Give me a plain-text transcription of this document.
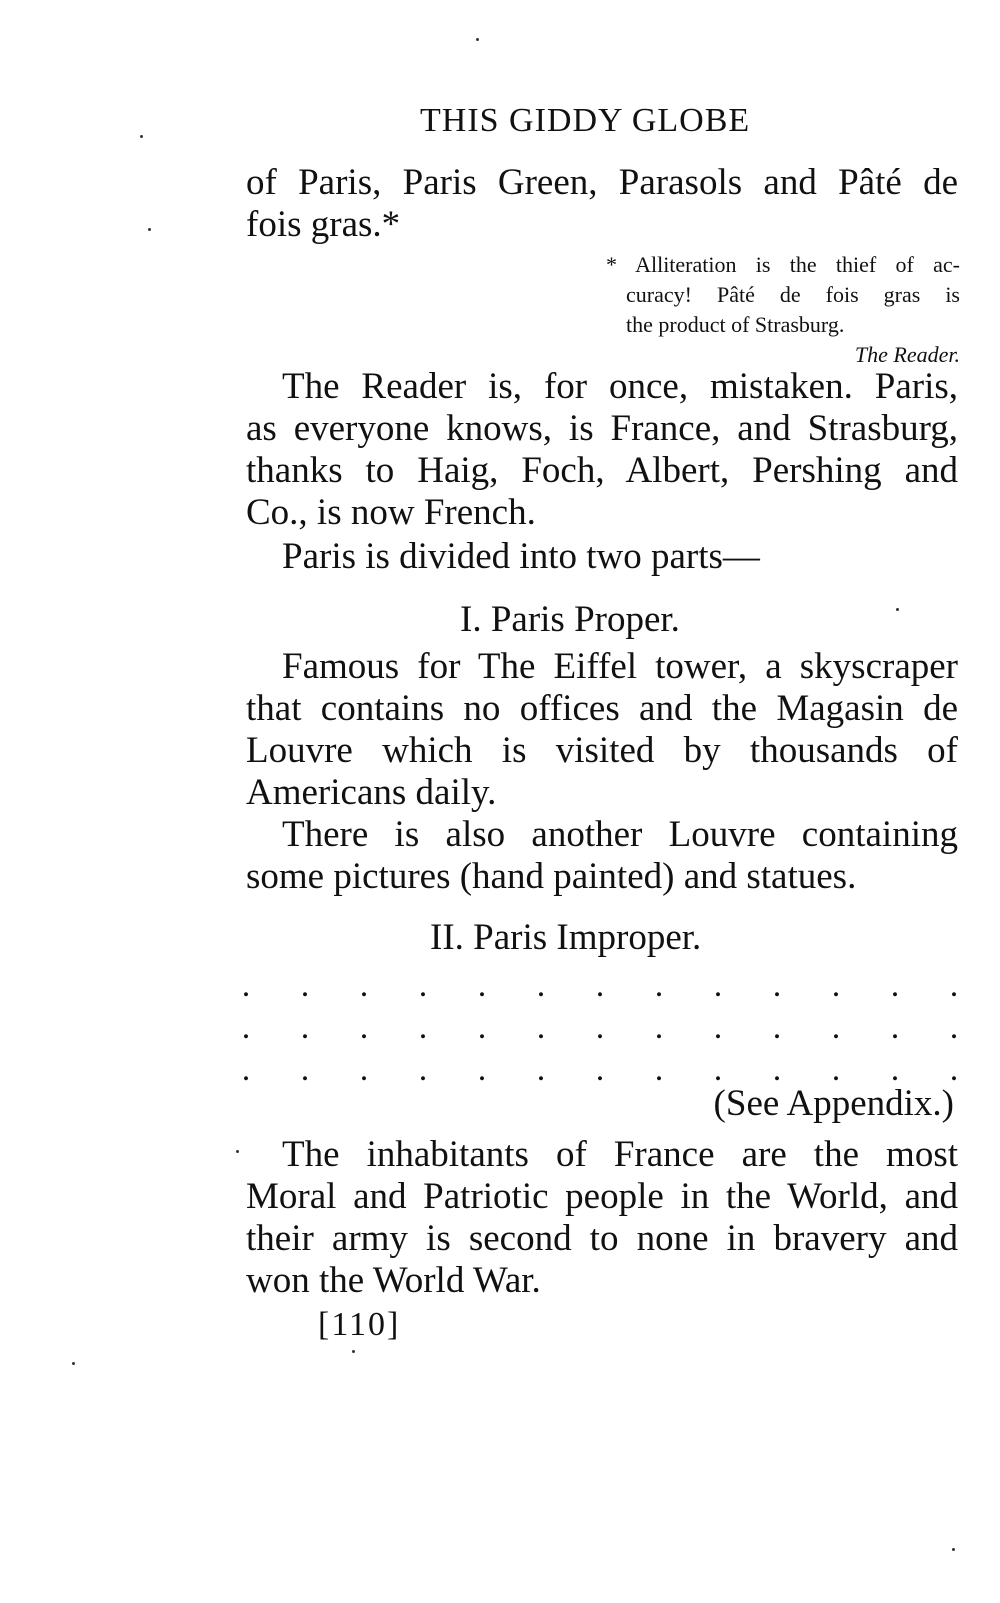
THIS GIDDY GLOBE
of Paris, Paris Green, Parasols and Pâté de
fois gras.*
* Alliteration is the thief of ac-
curacy! Pâté de fois gras is
the product of Strasburg.
The Reader.
The Reader is, for once, mistaken. Paris,
as everyone knows, is France, and Strasburg,
thanks to Haig, Foch, Albert, Pershing and
Co., is now French.
Paris is divided into two parts—
I. Paris Proper.
Famous for The Eiffel tower, a skyscraper
that contains no offices and the Magasin de
Louvre which is visited by thousands of
Americans daily.
There is also another Louvre containing
some pictures (hand painted) and statues.
II. Paris Improper.
. . . . . . . . . . . . .
. . . . . . . . . . . . .
. . . . . . . . . . . . .
(See Appendix.)
The inhabitants of France are the most
Moral and Patriotic people in the World, and
their army is second to none in bravery and
won the World War.
[110]
